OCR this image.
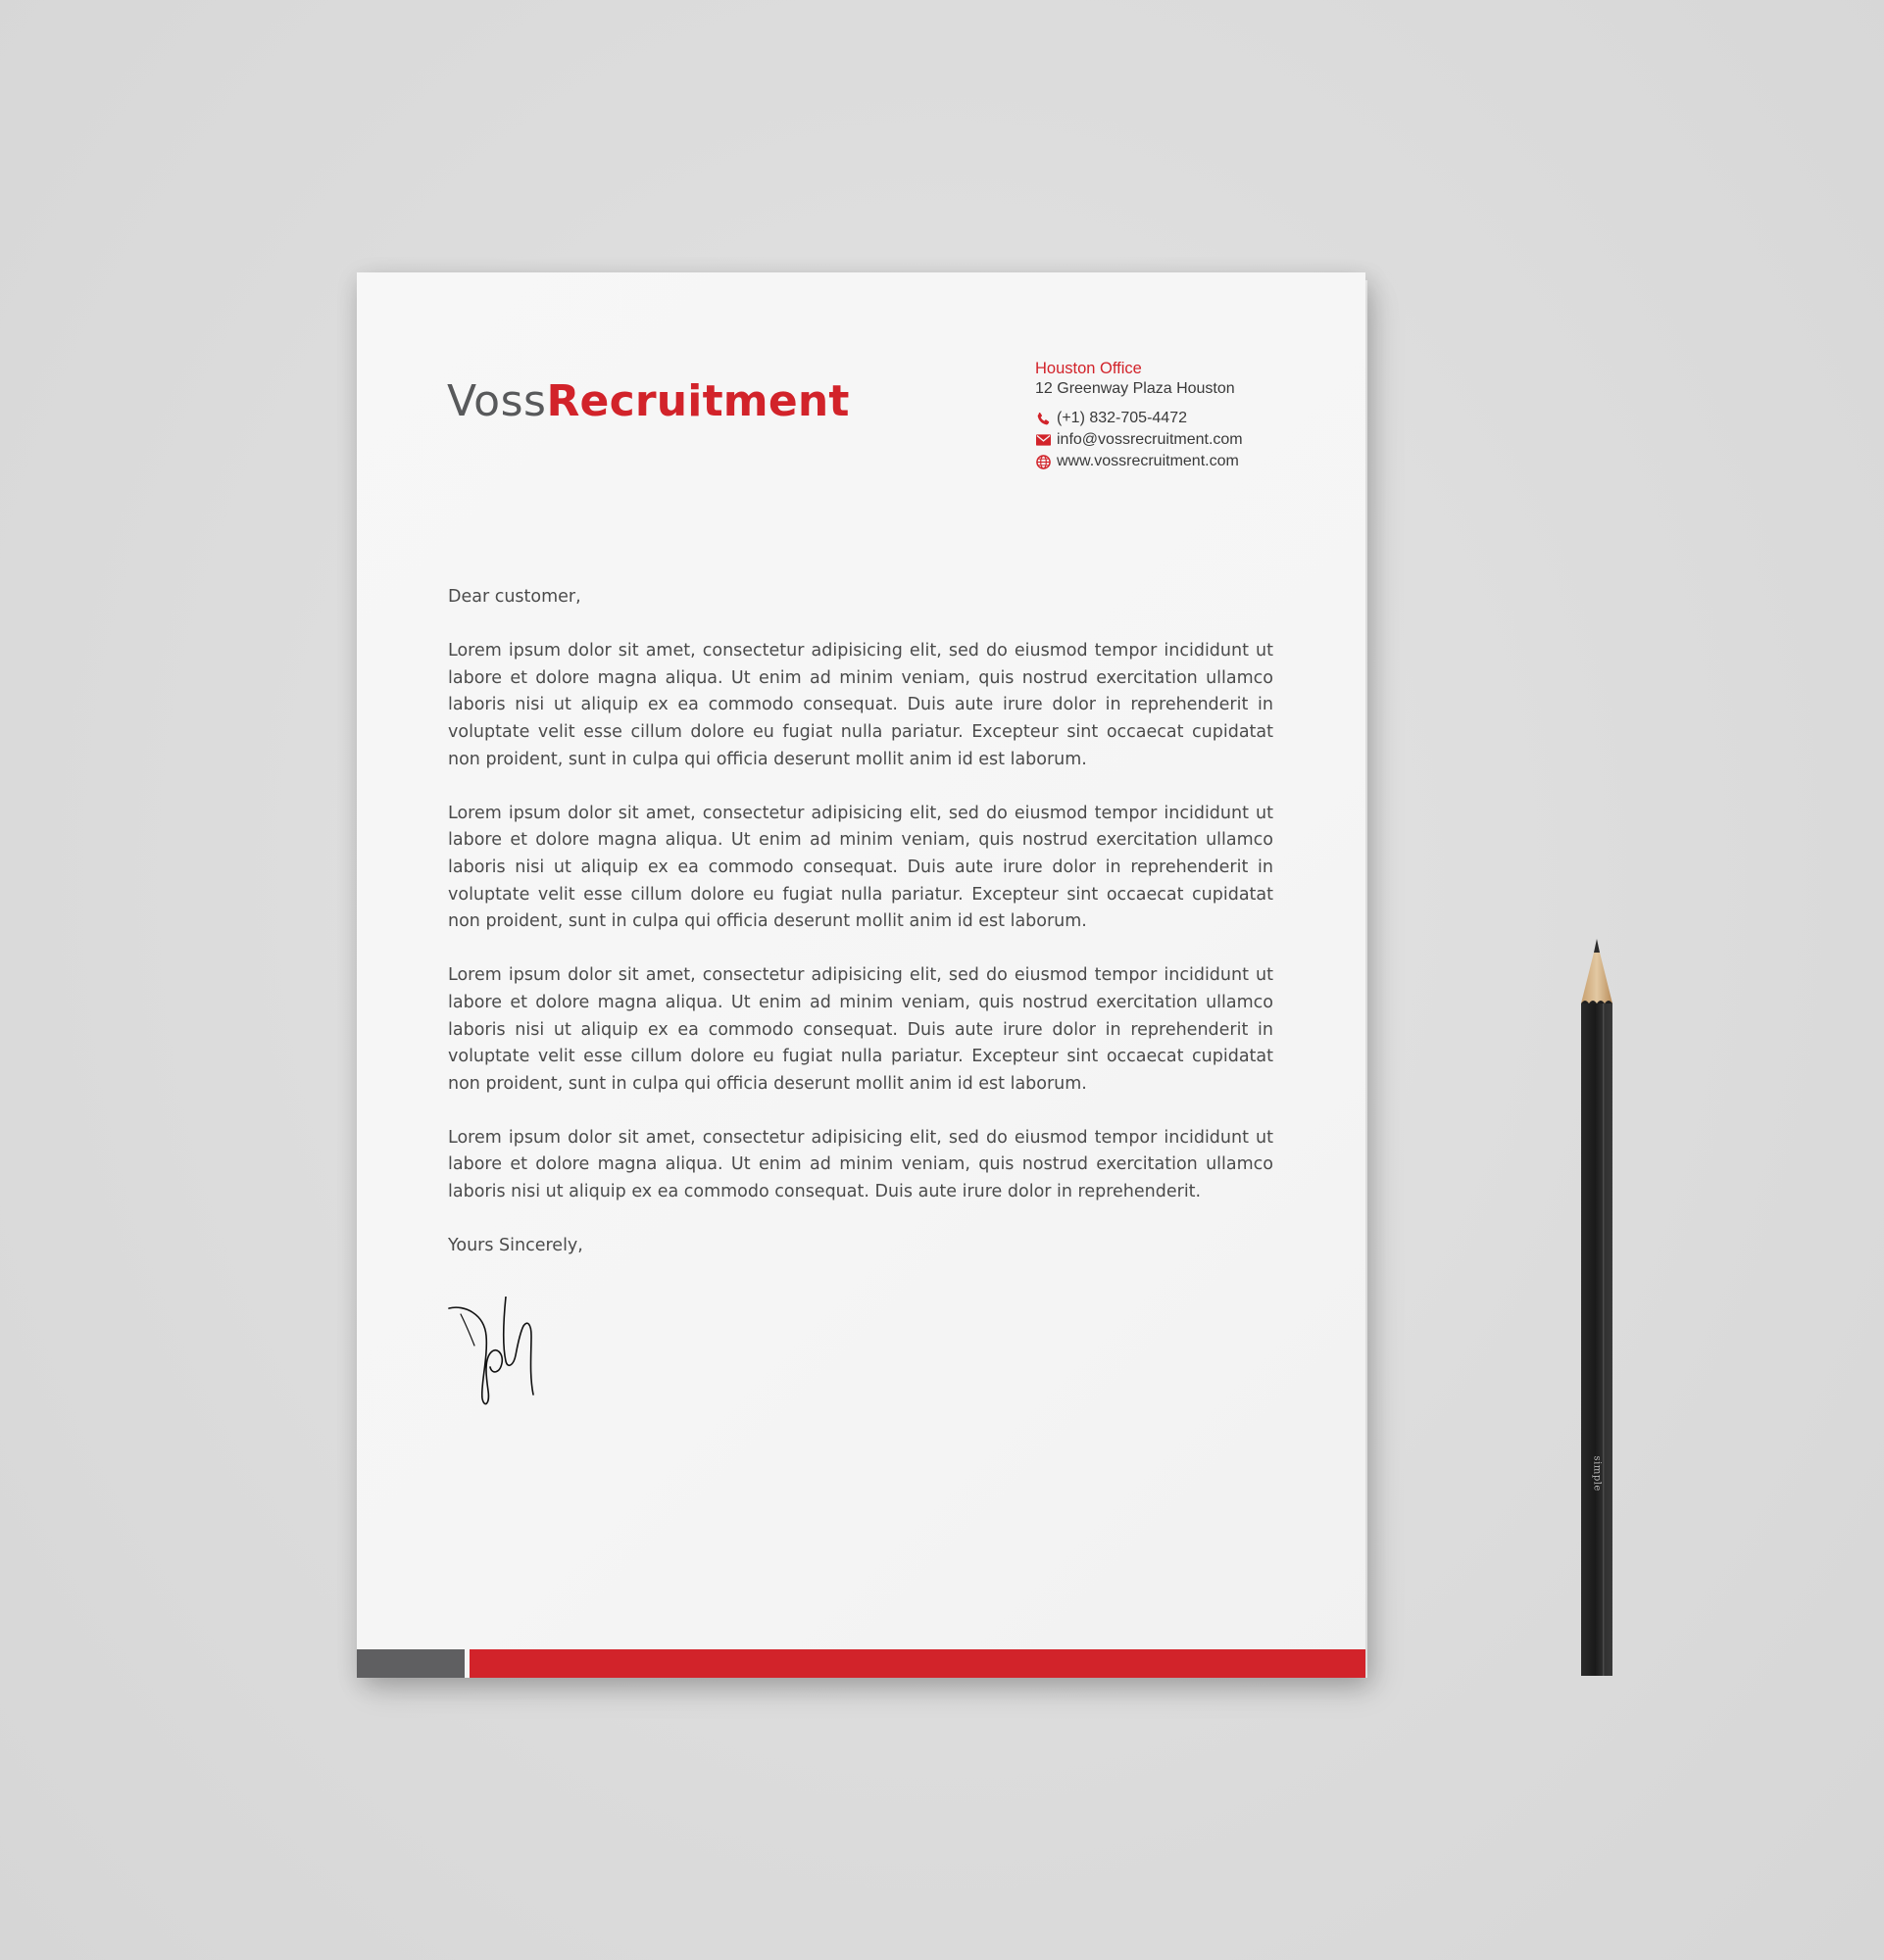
VossRecruitment

Houston Office

12 Greenway Plaza Houston

(+1) 832-705-4472
info@vossrecruitment.com
www.vossrecruitment.com

Dear customer,

Lorem ipsum dolor sit amet, consectetur adipisicing elit, sed do eiusmod tempor incididunt ut labore et dolore magna aliqua. Ut enim ad minim veniam, quis nostrud exercitation ullamco laboris nisi ut aliquip ex ea commodo consequat. Duis aute irure dolor in reprehenderit in voluptate velit esse cillum dolore eu fugiat nulla pariatur. Excepteur sint occaecat cupidatat non proident, sunt in culpa qui officia deserunt mollit anim id est laborum.

Lorem ipsum dolor sit amet, consectetur adipisicing elit, sed do eiusmod tempor incididunt ut labore et dolore magna aliqua. Ut enim ad minim veniam, quis nostrud exercitation ullamco laboris nisi ut aliquip ex ea commodo consequat. Duis aute irure dolor in reprehenderit in voluptate velit esse cillum dolore eu fugiat nulla pariatur. Excepteur sint occaecat cupidatat non proident, sunt in culpa qui officia deserunt mollit anim id est laborum.

Lorem ipsum dolor sit amet, consectetur adipisicing elit, sed do eiusmod tempor incididunt ut labore et dolore magna aliqua. Ut enim ad minim veniam, quis nostrud exercitation ullamco laboris nisi ut aliquip ex ea commodo consequat. Duis aute irure dolor in reprehenderit in voluptate velit esse cillum dolore eu fugiat nulla pariatur. Excepteur sint occaecat cupidatat non proident, sunt in culpa qui officia deserunt mollit anim id est laborum.

Lorem ipsum dolor sit amet, consectetur adipisicing elit, sed do eiusmod tempor incididunt ut labore et dolore magna aliqua. Ut enim ad minim veniam, quis nostrud exercitation ullamco laboris nisi ut aliquip ex ea commodo consequat. Duis aute irure dolor in reprehenderit.

Yours Sincerely,

simple
